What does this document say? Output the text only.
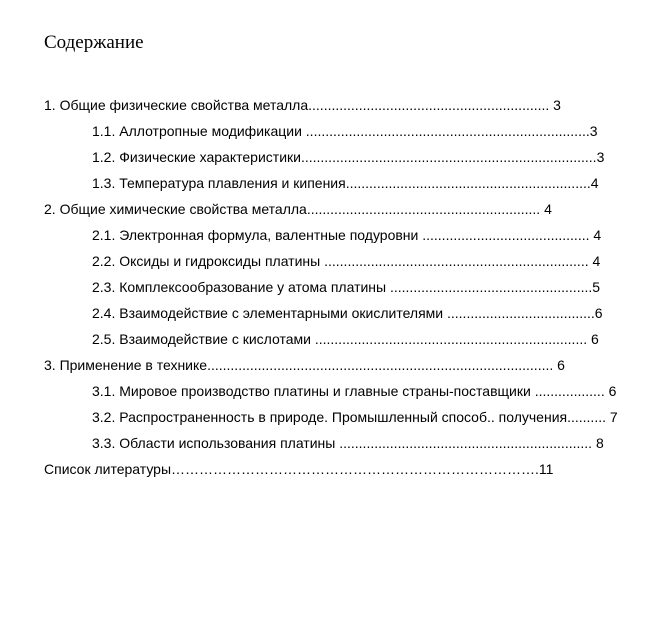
Содержание
1. Общие физические свойства металла.............................................................. 3
1.1. Аллотропные модификации .........................................................................3
1.2. Физические характеристики............................................................................3
1.3. Температура плавления и кипения...............................................................4
2. Общие химические свойства металла............................................................ 4
2.1. Электронная формула, валентные подуровни ........................................... 4
2.2. Оксиды и гидроксиды платины .................................................................... 4
2.3. Комплексообразование у атома платины ....................................................5
2.4. Взаимодействие с элементарными окислителями ......................................6
2.5. Взаимодействие с кислотами ...................................................................... 6
3. Применение в технике......................................................................................... 6
3.1. Мировое производство платины и главные страны-поставщики .................. 6
3.2. Распространенность в природе. Промышленный способ.. получения.......... 7
3.3. Области использования платины ................................................................. 8
Список литературы…………………………………………………………………….11
